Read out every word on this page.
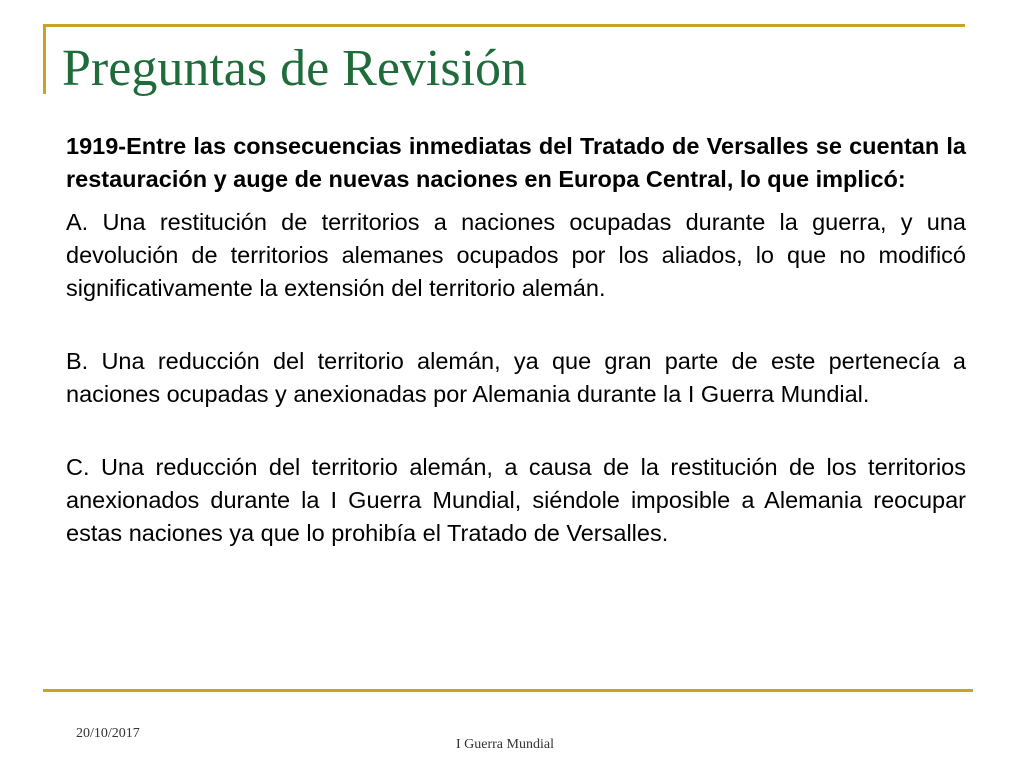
Preguntas de Revisión

1919-Entre las consecuencias inmediatas del Tratado de Versalles se cuentan la restauración y auge de nuevas naciones en Europa Central, lo que implicó:

A. Una restitución de territorios a naciones ocupadas durante la guerra, y una devolución de territorios alemanes ocupados por los aliados, lo que no modificó significativamente la extensión del territorio alemán.

B. Una reducción del territorio alemán, ya que gran parte de este pertenecía a naciones ocupadas y anexionadas por Alemania durante la I Guerra Mundial.

C. Una reducción del territorio alemán, a causa de la restitución de los territorios anexionados durante la I Guerra Mundial, siéndole imposible a Alemania reocupar estas naciones ya que lo prohibía el Tratado de Versalles.

20/10/2017
I Guerra Mundial
